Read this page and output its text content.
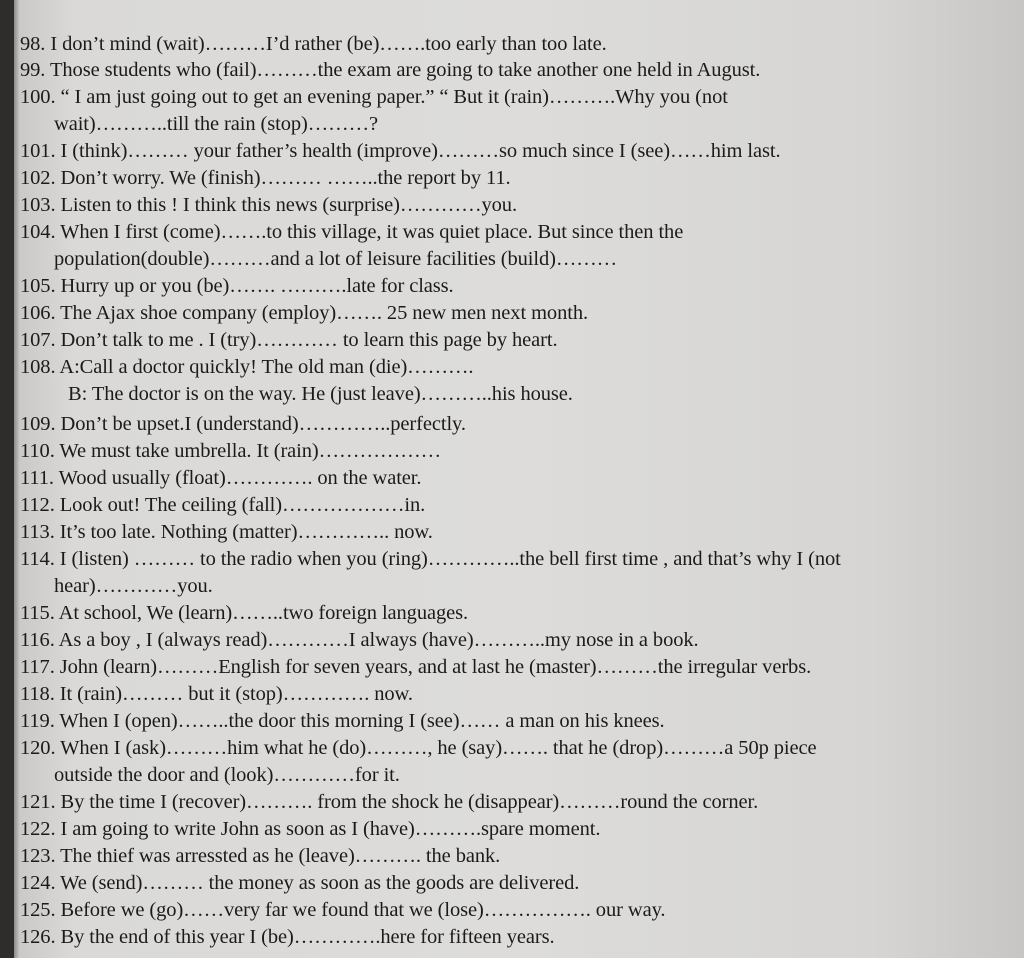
98. I don’t mind (wait)………I’d rather (be)…….too early than too late.
99. Those students who (fail)………the exam are going to take another one held in August.
100. “ I am just going out to get an evening paper.” “ But it (rain)……….Why you (not
wait)………..till the rain (stop)………?
101. I (think)……… your father’s health (improve)………so much since I (see)……him last.
102. Don’t worry. We (finish)……… ……..the report by 11.
103. Listen to this ! I think this news (surprise)…………you.
104. When I first (come)…….to this village, it was quiet place. But since then the
population(double)………and a lot of leisure facilities (build)………
105. Hurry up or you (be)……. ……….late for class.
106. The Ajax shoe company (employ)……. 25 new men next month.
107. Don’t talk to me . I (try)………… to learn this page by heart.
108. A:Call a doctor quickly! The old man (die)……….
B: The doctor is on the way. He (just leave)………..his house.
109. Don’t be upset.I (understand)…………..perfectly.
110. We must take umbrella. It (rain)………………
111. Wood usually (float)…………. on the water.
112. Look out! The ceiling (fall)………………in.
113. It’s too late. Nothing (matter)………….. now.
114. I (listen) ……… to the radio when you (ring)…………..the bell first time , and that’s why I (not
hear)…………you.
115. At school, We (learn)……..two foreign languages.
116. As a boy , I (always read)…………I always (have)………..my nose in a book.
117. John (learn)………English for seven years, and at last he (master)………the irregular verbs.
118. It (rain)……… but it (stop)…………. now.
119. When I (open)……..the door this morning I (see)…… a man on his knees.
120. When I (ask)………him what he (do)………, he (say)……. that he (drop)………a 50p piece
outside the door and (look)…………for it.
121. By the time I (recover)………. from the shock he (disappear)………round the corner.
122. I am going to write John as soon as I (have)……….spare moment.
123. The thief was arressted as he (leave)………. the bank.
124. We (send)……… the money as soon as the goods are delivered.
125. Before we (go)……very far we found that we (lose)……………. our way.
126. By the end of this year I (be)………….here for fifteen years.
